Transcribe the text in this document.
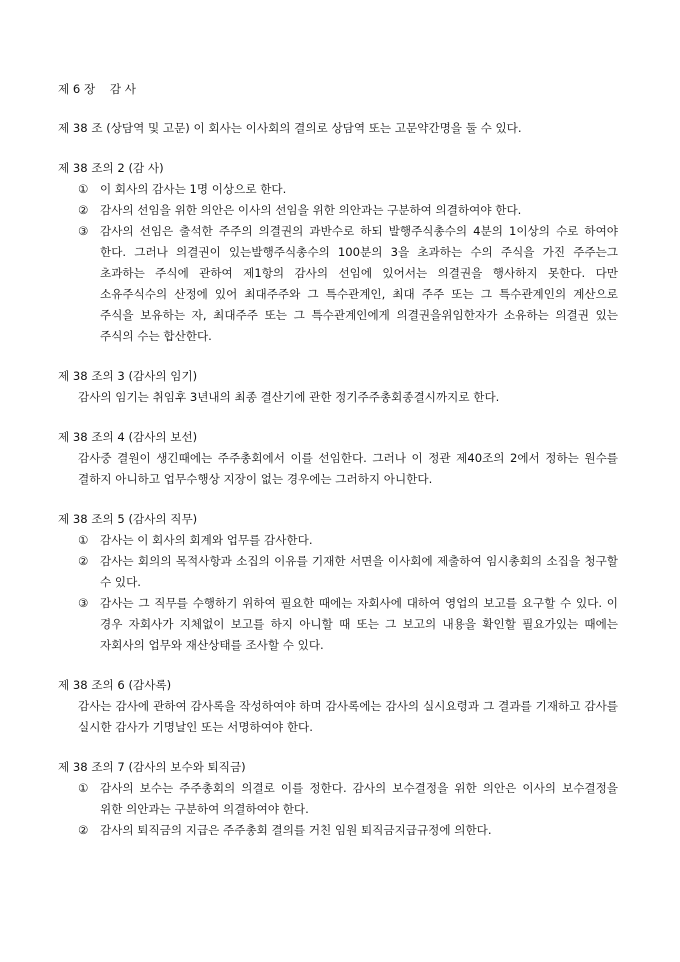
제 6 장    감 사
제 38 조 (상담역 및 고문) 이 회사는 이사회의 결의로 상담역 또는 고문약간명을 둘 수 있다.
제 38 조의 2 (감 사)
① 이 회사의 감사는 1명 이상으로 한다.
② 감사의 선임을 위한 의안은 이사의 선임을 위한 의안과는 구분하여 의결하여야 한다.
③ 감사의 선임은 출석한 주주의 의결권의 과반수로 하되 발행주식총수의 4분의 1이상의 수로 하여야 한다. 그러나 의결권이 있는발행주식총수의 100분의 3을 초과하는 수의 주식을 가진 주주는그 초과하는 주식에 관하여 제1항의 감사의 선임에 있어서는 의결권을 행사하지 못한다. 다만 소유주식수의 산정에 있어 최대주주와 그 특수관계인, 최대 주주 또는 그 특수관계인의 계산으로 주식을 보유하는 자, 최대주주 또는 그 특수관계인에게 의결권을위임한자가 소유하는 의결권 있는 주식의 수는 합산한다.
제 38 조의 3 (감사의 임기)
감사의 임기는 취임후 3년내의 최종 결산기에 관한 정기주주총회종결시까지로 한다.
제 38 조의 4 (감사의 보선)
감사중 결원이 생긴때에는 주주총회에서 이를 선임한다. 그러나 이 정관 제40조의 2에서 정하는 원수를 결하지 아니하고 업무수행상 지장이 없는 경우에는 그러하지 아니한다.
제 38 조의 5 (감사의 직무)
① 감사는 이 회사의 회계와 업무를 감사한다.
② 감사는 회의의 목적사항과 소집의 이유를 기재한 서면을 이사회에 제출하여 임시총회의 소집을 청구할 수 있다.
③ 감사는 그 직무를 수행하기 위하여 필요한 때에는 자회사에 대하여 영업의 보고를 요구할 수 있다. 이 경우 자회사가 지체없이 보고를 하지 아니할 때 또는 그 보고의 내용을 확인할 필요가있는 때에는 자회사의 업무와 재산상태를 조사할 수 있다.
제 38 조의 6 (감사록)
감사는 감사에 관하여 감사록을 작성하여야 하며 감사록에는 감사의 실시요령과 그 결과를 기재하고 감사를 실시한 감사가 기명날인 또는 서명하여야 한다.
제 38 조의 7 (감사의 보수와 퇴직금)
① 감사의 보수는 주주총회의 의결로 이를 정한다. 감사의 보수결정을 위한 의안은 이사의 보수결정을 위한 의안과는 구분하여 의결하여야 한다.
② 감사의 퇴직금의 지급은 주주총회 결의를 거친 임원 퇴직금지급규정에 의한다.
